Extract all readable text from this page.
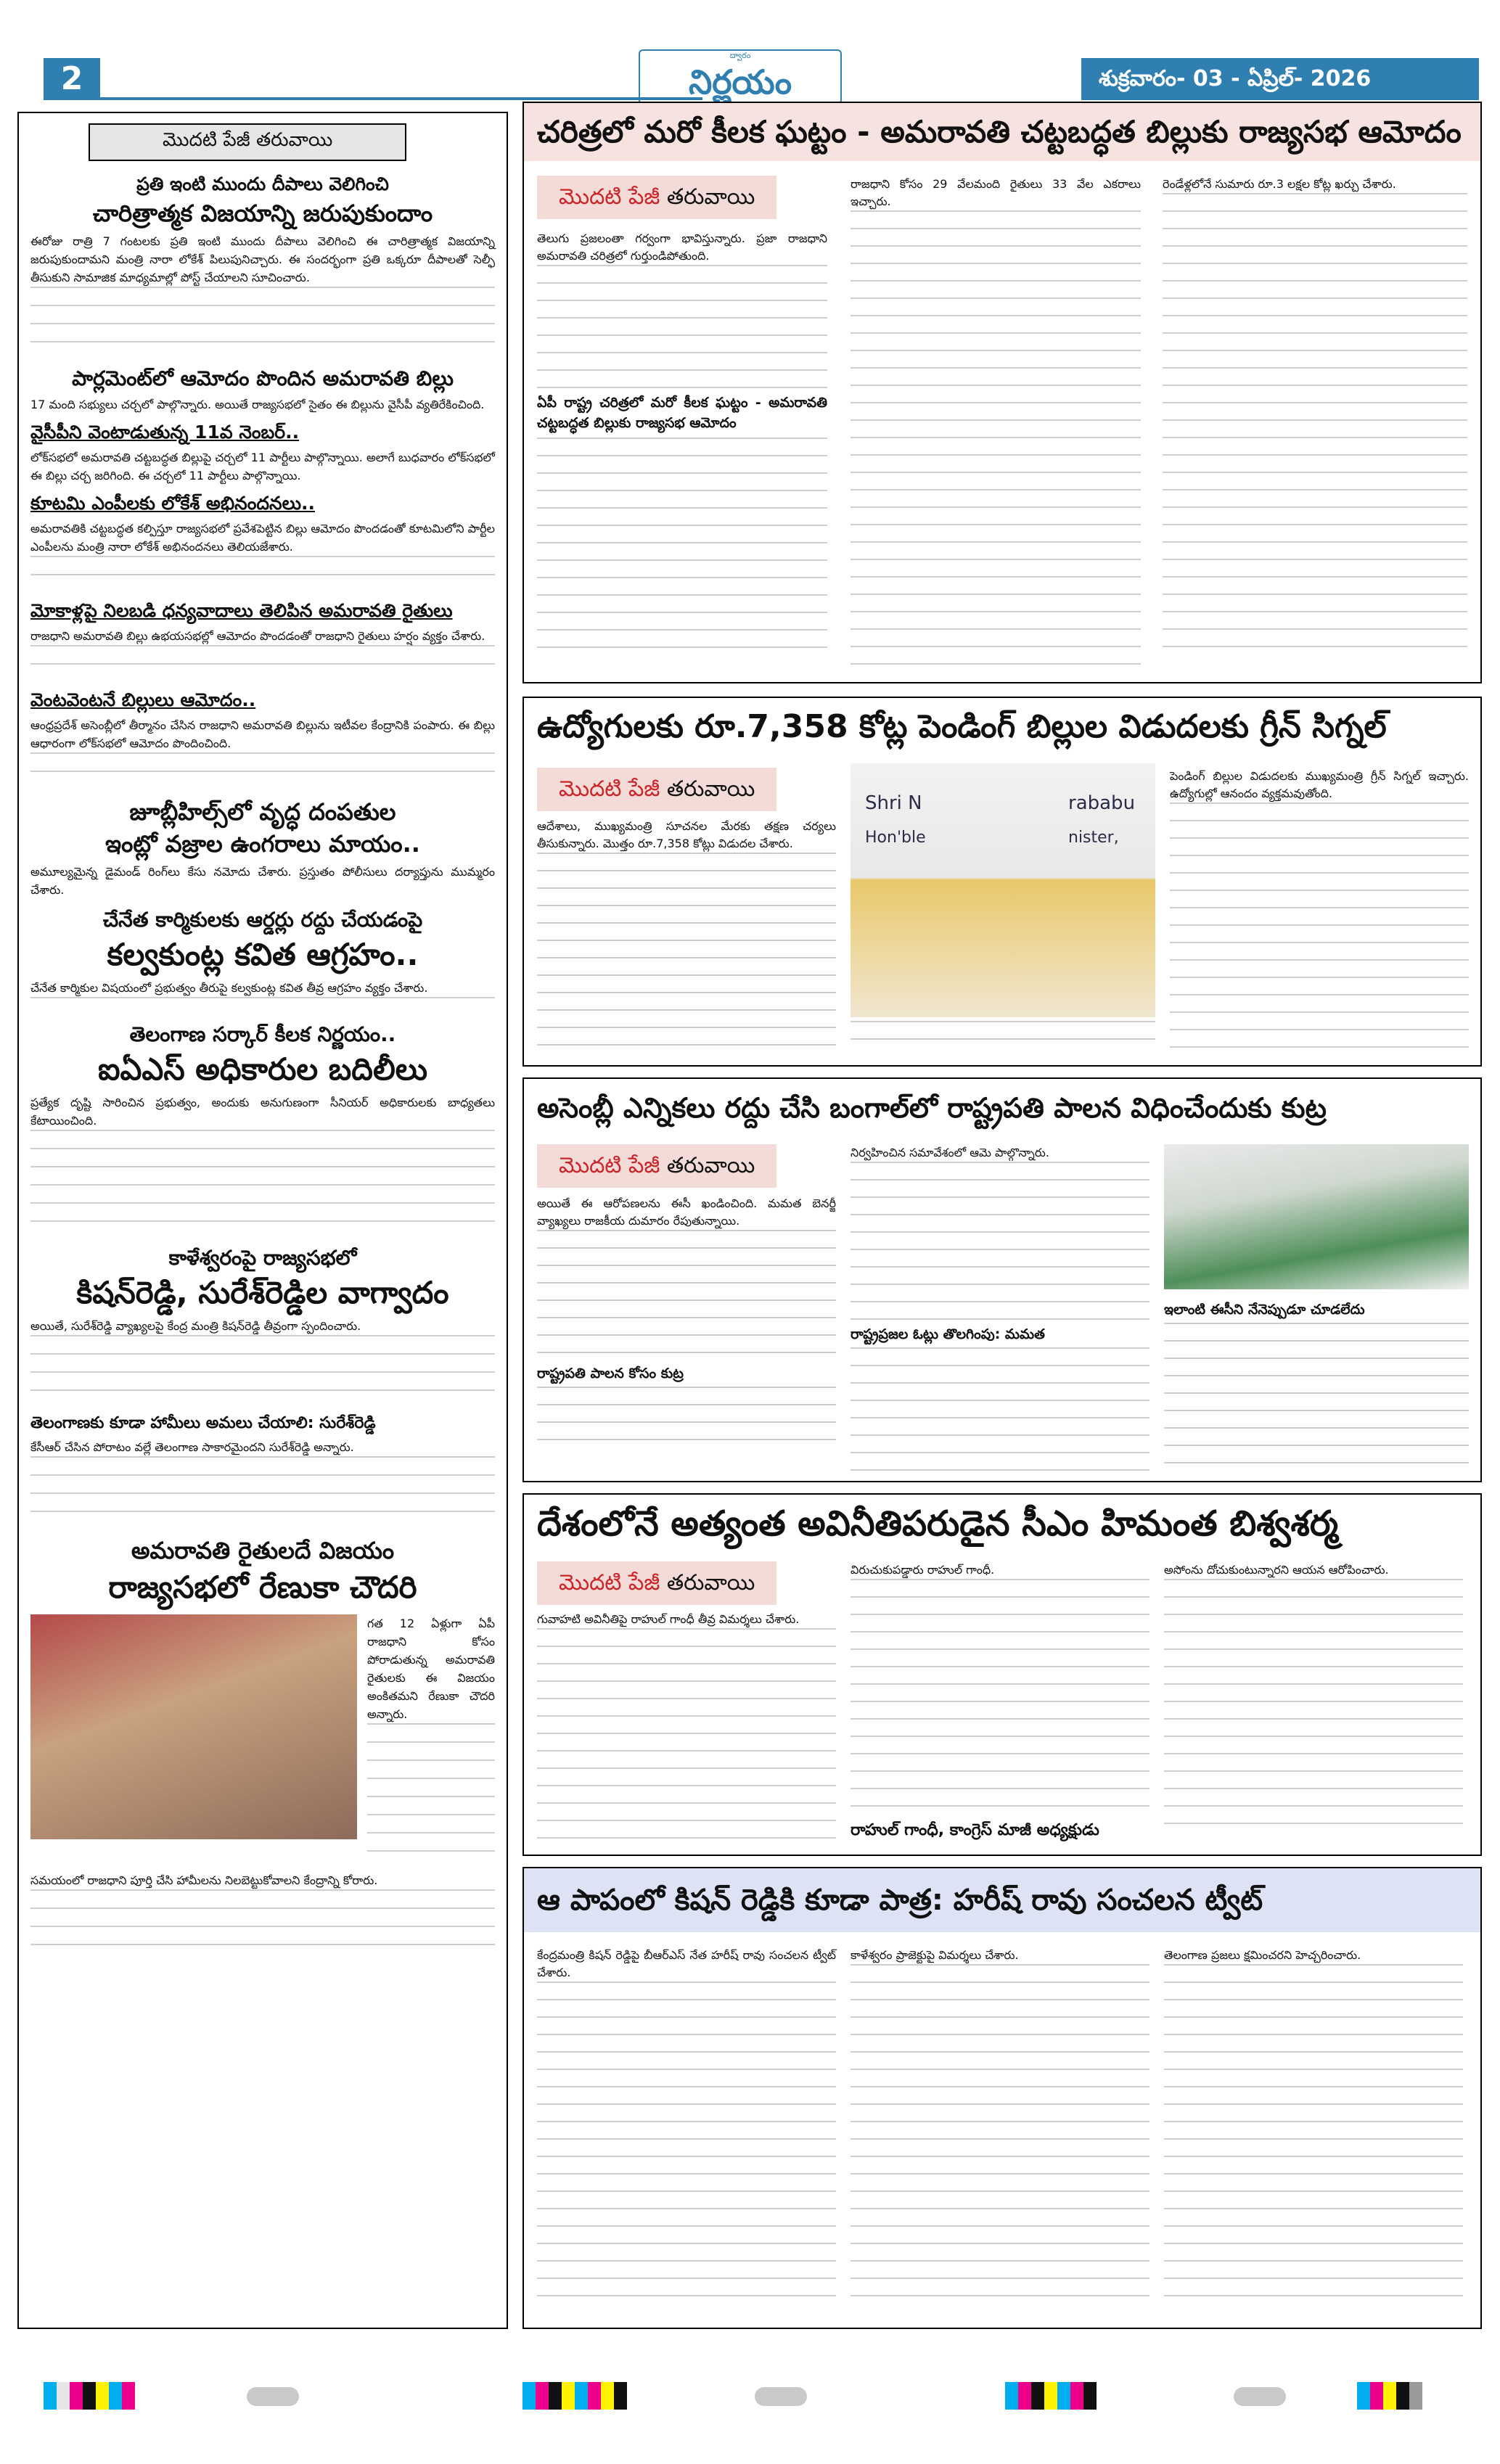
2
ద్వారం
నిర్ణయం	శుక్రవారం- 03 - ఏప్రిల్- 2026
మొదటి పేజీ తరువాయి
ప్రతి ఇంటి ముందు దీపాలు వెలిగించి
చారిత్రాత్మక విజయాన్ని జరుపుకుందాం
ఈరోజు రాత్రి 7 గంటలకు ప్రతి ఇంటి ముందు దీపాలు వెలిగించి ఈ చారిత్రాత్మక విజయాన్ని జరుపుకుందామని మంత్రి నారా లోకేశ్ పిలుపునిచ్చారు. ఈ సందర్భంగా ప్రతి ఒక్కరూ దీపాలతో సెల్ఫీ తీసుకుని సామాజిక మాధ్యమాల్లో పోస్ట్ చేయాలని సూచించారు.
పార్లమెంట్‌లో ఆమోదం పొందిన అమరావతి బిల్లు
17 మంది సభ్యులు చర్చలో పాల్గొన్నారు. అయితే రాజ్యసభలో సైతం ఈ బిల్లును వైసీపీ వ్యతిరేకించింది.
వైసీపీని వెంటాడుతున్న 11వ నెంబర్..
లోక్‌సభలో అమరావతి చట్టబద్ధత బిల్లుపై చర్చలో 11 పార్టీలు పాల్గొన్నాయి. అలాగే బుధవారం లోక్‌సభలో ఈ బిల్లు చర్చ జరిగింది. ఈ చర్చలో 11 పార్టీలు పాల్గొన్నాయి.
కూటమి ఎంపీలకు లోకేశ్ అభినందనలు..
అమరావతికి చట్టబద్ధత కల్పిస్తూ రాజ్యసభలో ప్రవేశపెట్టిన బిల్లు ఆమోదం పొందడంతో కూటమిలోని పార్టీల ఎంపీలను మంత్రి నారా లోకేశ్ అభినందనలు తెలియజేశారు.
మోకాళ్లపై నిలబడి ధన్యవాదాలు తెలిపిన అమరావతి రైతులు
రాజధాని అమరావతి బిల్లు ఉభయసభల్లో ఆమోదం పొందడంతో రాజధాని రైతులు హర్షం వ్యక్తం చేశారు.
వెంటవెంటనే బిల్లులు ఆమోదం..
ఆంధ్రప్రదేశ్ అసెంబ్లీలో తీర్మానం చేసిన రాజధాని అమరావతి బిల్లును ఇటీవల కేంద్రానికి పంపారు. ఈ బిల్లు ఆధారంగా లోక్‌సభలో ఆమోదం పొందించింది.
జూబ్లీహిల్స్‌లో వృద్ధ దంపతుల
ఇంట్లో వజ్రాల ఉంగరాలు మాయం..
అమూల్యమైన్న డైమండ్ రింగ్‌లు కేసు నమోదు చేశారు. ప్రస్తుతం పోలీసులు దర్యాప్తును ముమ్మరం చేశారు.
చేనేత కార్మికులకు ఆర్డర్లు రద్దు చేయడంపై
కల్వకుంట్ల కవిత ఆగ్రహం..
చేనేత కార్మికుల విషయంలో ప్రభుత్వం తీరుపై కల్వకుంట్ల కవిత తీవ్ర ఆగ్రహం వ్యక్తం చేశారు.
తెలంగాణ సర్కార్ కీలక నిర్ణయం..
ఐఏఎస్ అధికారుల బదిలీలు
ప్రత్యేక దృష్టి సారించిన ప్రభుత్వం, అందుకు అనుగుణంగా సీనియర్ అధికారులకు బాధ్యతలు కేటాయించింది.
కాళేశ్వరంపై రాజ్యసభలో
కిషన్‌రెడ్డి, సురేశ్‌రెడ్డిల వాగ్వాదం
అయితే, సురేశ్‌రెడ్డి వ్యాఖ్యలపై కేంద్ర మంత్రి కిషన్‌రెడ్డి తీవ్రంగా స్పందించారు.
తెలంగాణకు కూడా హామీలు అమలు చేయాలి: సురేశ్‌రెడ్డి
కేసీఆర్ చేసిన పోరాటం వల్లే తెలంగాణ సాకారమైందని సురేశ్‌రెడ్డి అన్నారు.
అమరావతి రైతులదే విజయం
రాజ్యసభలో రేణుకా చౌదరి
గత 12 ఏళ్లుగా ఏపీ రాజధాని కోసం పోరాడుతున్న అమరావతి రైతులకు ఈ విజయం అంకితమని రేణుకా చౌదరి అన్నారు.
సమయంలో రాజధాని పూర్తి చేసి హామీలను నిలబెట్టుకోవాలని కేంద్రాన్ని కోరారు.
చరిత్రలో మరో కీలక ఘట్టం - అమరావతి చట్టబద్ధత బిల్లుకు రాజ్యసభ ఆమోదం
మొదటి పేజీ తరువాయి
తెలుగు ప్రజలంతా గర్వంగా భావిస్తున్నారు. ప్రజా రాజధాని అమరావతి చరిత్రలో గుర్తుండిపోతుంది.
ఏపీ రాష్ట్ర చరిత్రలో మరో కీలక ఘట్టం - అమరావతి చట్టబద్ధత బిల్లుకు రాజ్యసభ ఆమోదం
రాజధాని కోసం 29 వేలమంది రైతులు 33 వేల ఎకరాలు ఇచ్చారు.
రెండేళ్లలోనే సుమారు రూ.3 లక్షల కోట్ల ఖర్చు చేశారు.
ఉద్యోగులకు రూ.7,358 కోట్ల పెండింగ్ బిల్లుల విడుదలకు గ్రీన్ సిగ్నల్
మొదటి పేజీ తరువాయి
ఆదేశాలు, ముఖ్యమంత్రి సూచనల మేరకు తక్షణ చర్యలు తీసుకున్నారు. మొత్తం రూ.7,358 కోట్లు విడుదల చేశారు.
Shri N	rababu
Hon'ble	nister,
పెండింగ్ బిల్లుల విడుదలకు ముఖ్యమంత్రి గ్రీన్ సిగ్నల్ ఇచ్చారు. ఉద్యోగుల్లో ఆనందం వ్యక్తమవుతోంది.
అసెంబ్లీ ఎన్నికలు రద్దు చేసి బంగాల్‌లో రాష్ట్రపతి పాలన విధించేందుకు కుట్ర
మొదటి పేజీ తరువాయి
అయితే ఈ ఆరోపణలను ఈసీ ఖండించింది. మమత బెనర్జీ వ్యాఖ్యలు రాజకీయ దుమారం రేపుతున్నాయి.
రాష్ట్రపతి పాలన కోసం కుట్ర
నిర్వహించిన సమావేశంలో ఆమె పాల్గొన్నారు.
రాష్ట్రప్రజల ఓట్లు తొలగింపు: మమత
ఇలాంటి ఈసీని నేనెప్పుడూ చూడలేదు
దేశంలోనే అత్యంత అవినీతిపరుడైన సీఎం హిమంత బిశ్వశర్మ
మొదటి పేజీ తరువాయి
గువాహటి అవినీతిపై రాహుల్ గాంధీ తీవ్ర విమర్శలు చేశారు.
విరుచుకుపడ్డారు రాహుల్ గాంధీ.
రాహుల్ గాంధీ, కాంగ్రెస్ మాజీ అధ్యక్షుడు
అసోంను దోచుకుంటున్నారని ఆయన ఆరోపించారు.
ఆ పాపంలో కిషన్ రెడ్డికి కూడా పాత్ర: హరీష్ రావు సంచలన ట్వీట్
కేంద్రమంత్రి కిషన్ రెడ్డిపై బీఆర్ఎస్ నేత హరీష్ రావు సంచలన ట్వీట్ చేశారు.
కాళేశ్వరం ప్రాజెక్టుపై విమర్శలు చేశారు.	తెలంగాణ ప్రజలు క్షమించరని హెచ్చరించారు.
